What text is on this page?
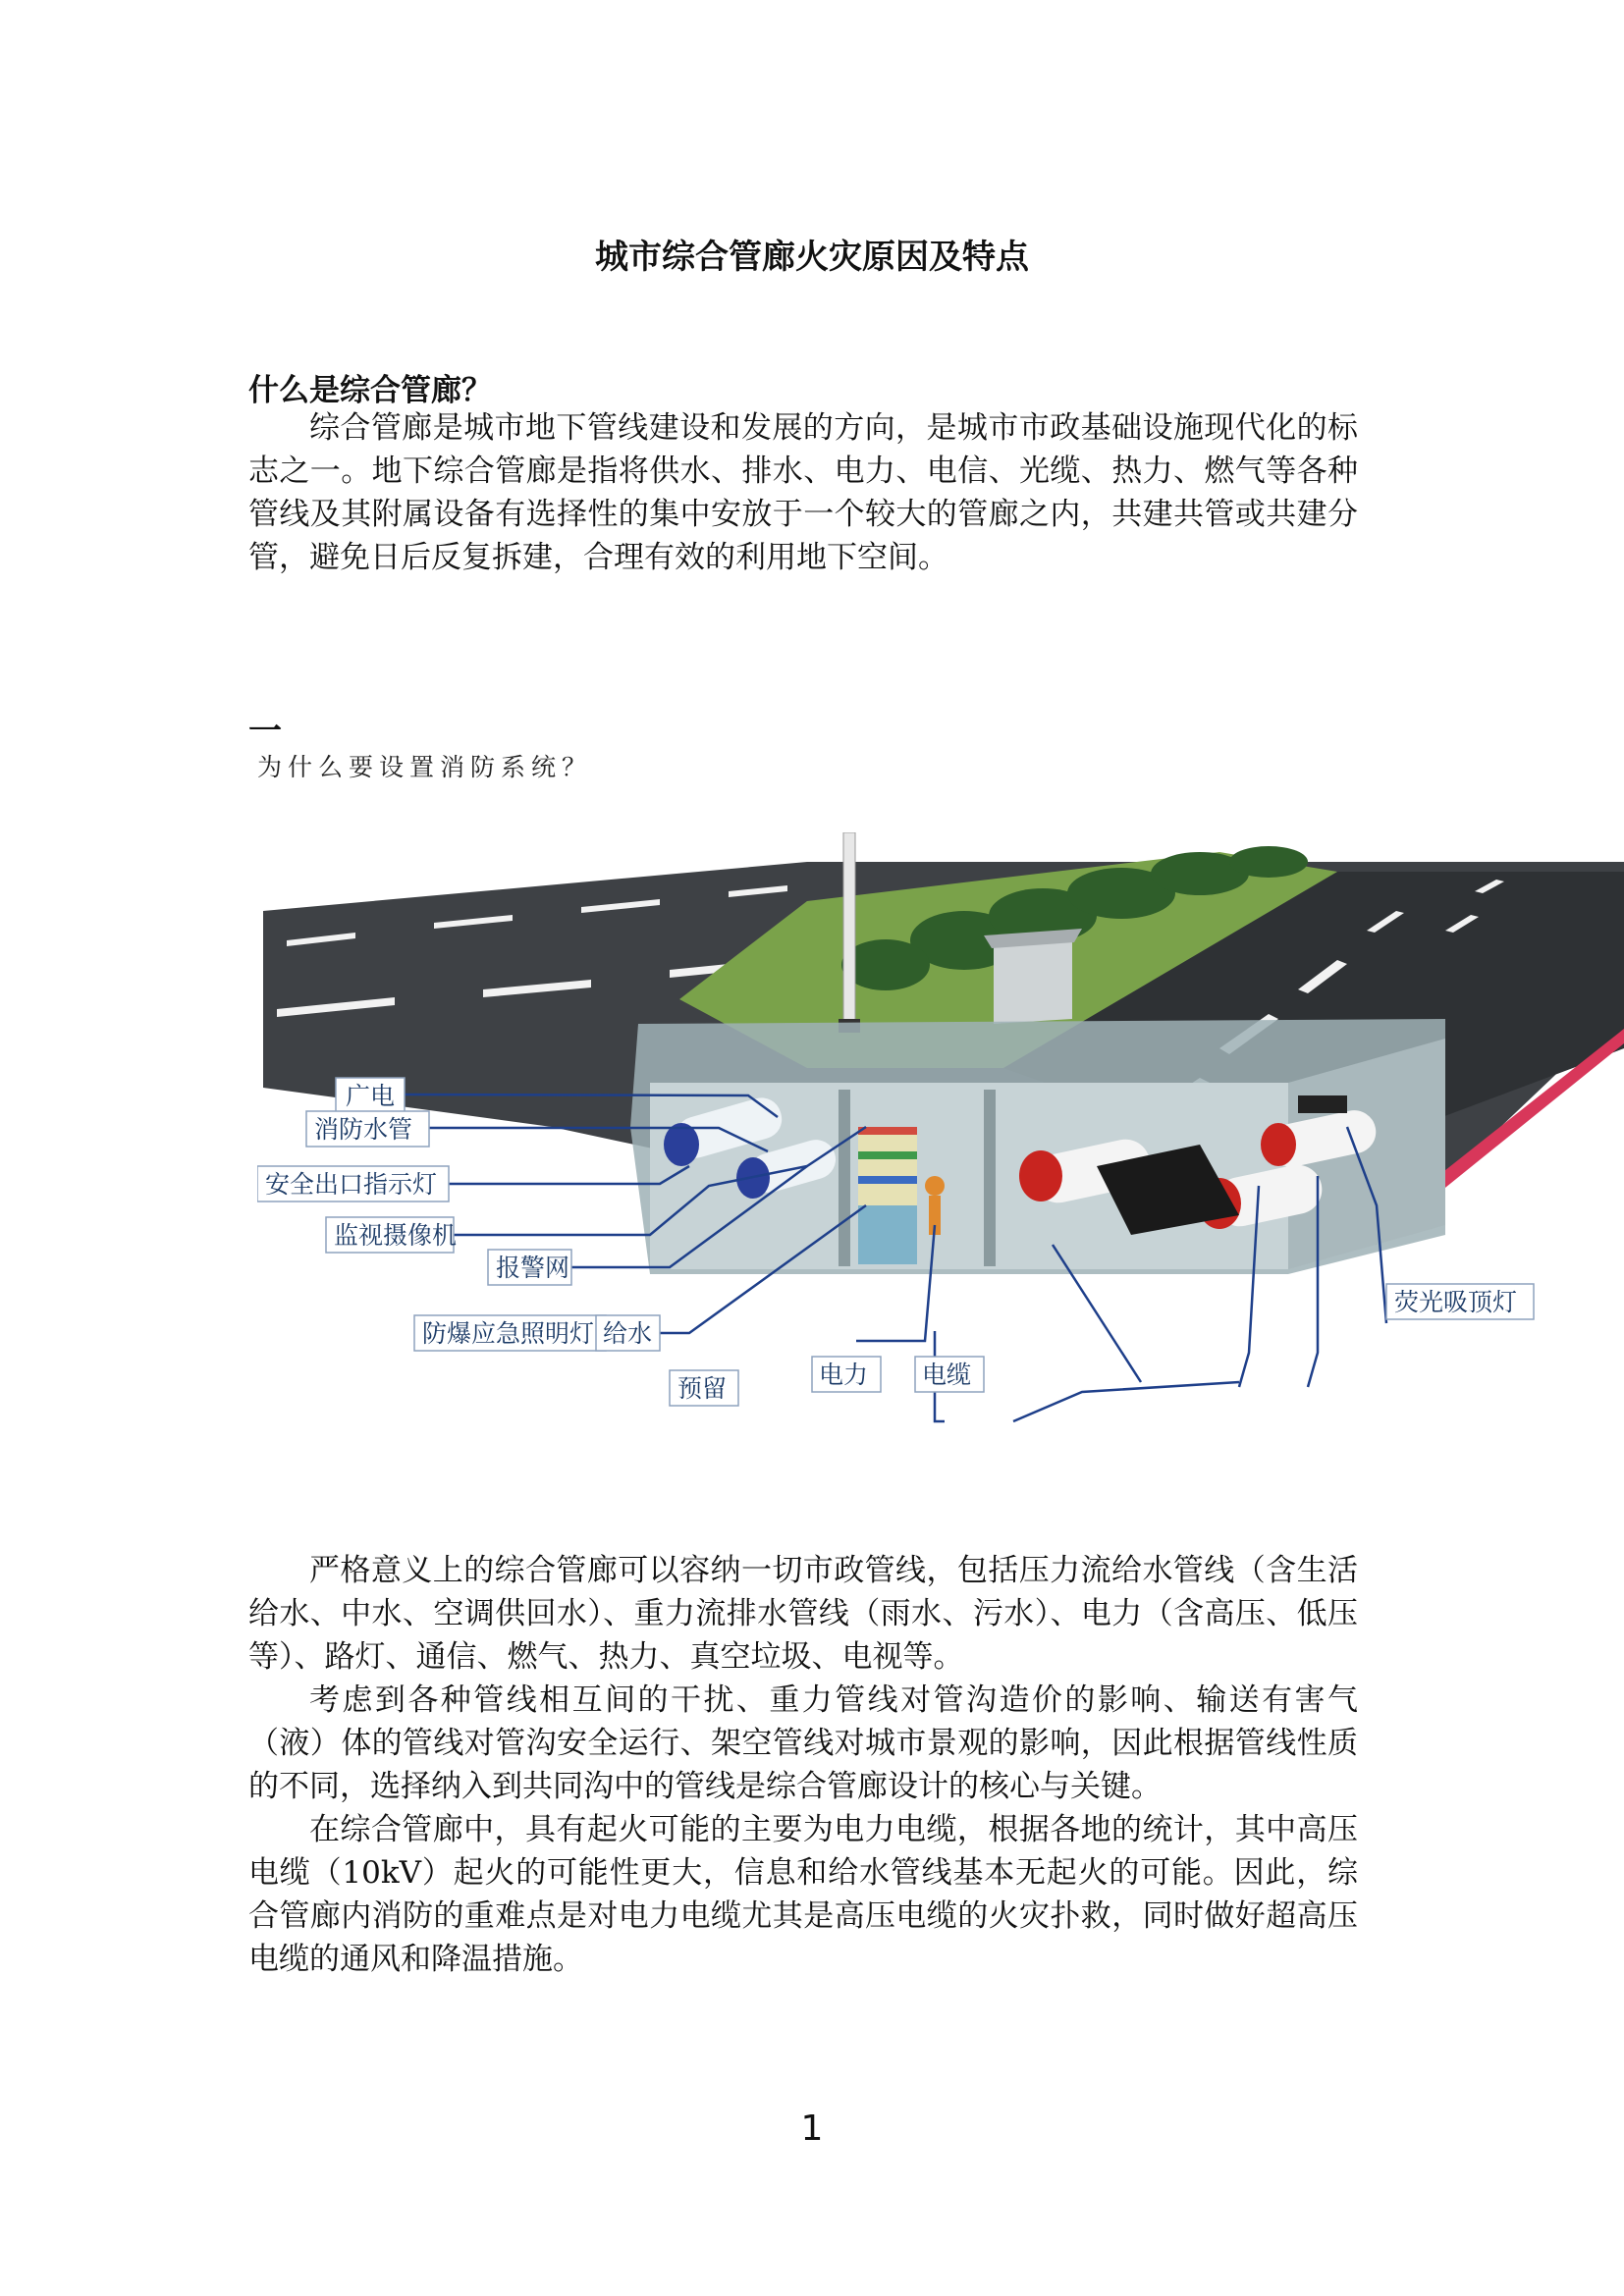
城市综合管廊火灾原因及特点
什么是综合管廊？

综合管廊是城市地下管线建设和发展的方向，是城市市政基础设施现代化的标志之一。地下综合管廊是指将供水、排水、电力、电信、光缆、热力、燃气等各种管线及其附属设备有选择性的集中安放于一个较大的管廊之内，共建共管或共建分管，避免日后反复拆建，合理有效的利用地下空间。

一
为什么要设置消防系统？
广电
消防水管
安全出口指示灯
监视摄像机
报警网
防爆应急照明灯 给水
预留	电力 电缆
荧光吸顶灯

严格意义上的综合管廊可以容纳一切市政管线，包括压力流给水管线（含生活给水、中水、空调供回水）、重力流排水管线（雨水、污水）、电力（含高压、低压等）、路灯、通信、燃气、热力、真空垃圾、电视等。

考虑到各种管线相互间的干扰、重力管线对管沟造价的影响、输送有害气（液）体的管线对管沟安全运行、架空管线对城市景观的影响，因此根据管线性质的不同，选择纳入到共同沟中的管线是综合管廊设计的核心与关键。

在综合管廊中，具有起火可能的主要为电力电缆，根据各地的统计，其中高压电缆（10kV）起火的可能性更大，信息和给水管线基本无起火的可能。因此，综合管廊内消防的重难点是对电力电缆尤其是高压电缆的火灾扑救，同时做好超高压电缆的通风和降温措施。

1
